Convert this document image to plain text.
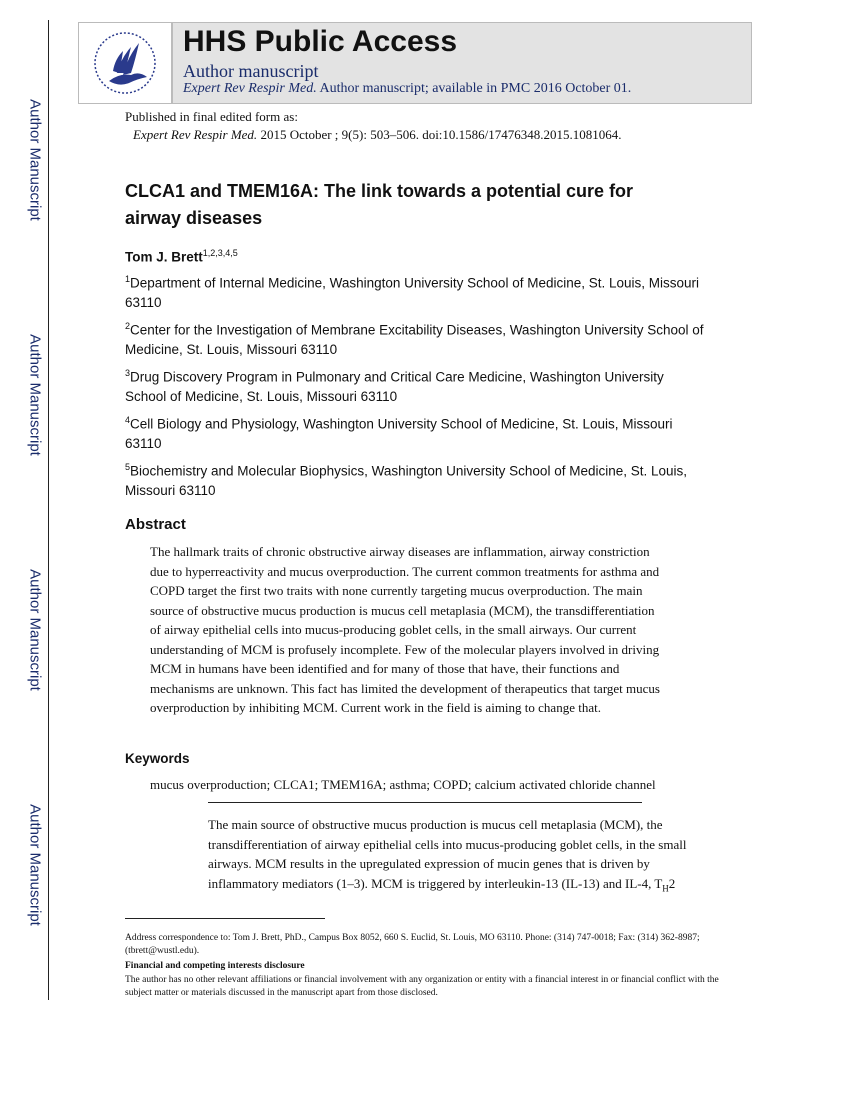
Author Manuscript
Author Manuscript
Author Manuscript
Author Manuscript
HHS Public Access
Author manuscript
Expert Rev Respir Med. Author manuscript; available in PMC 2016 October 01.
Published in final edited form as:
Expert Rev Respir Med. 2015 October ; 9(5): 503–506. doi:10.1586/17476348.2015.1081064.
CLCA1 and TMEM16A: The link towards a potential cure for
airway diseases
Tom J. Brett$^{1,2,3,4,5}$
$^1$Department of Internal Medicine, Washington University School of Medicine, St. Louis, Missouri 63110
$^2$Center for the Investigation of Membrane Excitability Diseases, Washington University School of Medicine, St. Louis, Missouri 63110
$^3$Drug Discovery Program in Pulmonary and Critical Care Medicine, Washington University School of Medicine, St. Louis, Missouri 63110
$^4$Cell Biology and Physiology, Washington University School of Medicine, St. Louis, Missouri 63110
$^5$Biochemistry and Molecular Biophysics, Washington University School of Medicine, St. Louis, Missouri 63110
Abstract
The hallmark traits of chronic obstructive airway diseases are inflammation, airway constriction
due to hyperreactivity and mucus overproduction. The current common treatments for asthma and
COPD target the first two traits with none currently targeting mucus overproduction. The main
source of obstructive mucus production is mucus cell metaplasia (MCM), the transdifferentiation
of airway epithelial cells into mucus-producing goblet cells, in the small airways. Our current
understanding of MCM is profusely incomplete. Few of the molecular players involved in driving
MCM in humans have been identified and for many of those that have, their functions and
mechanisms are unknown. This fact has limited the development of therapeutics that target mucus
overproduction by inhibiting MCM. Current work in the field is aiming to change that.
Keywords
mucus overproduction; CLCA1; TMEM16A; asthma; COPD; calcium activated chloride channel
The main source of obstructive mucus production is mucus cell metaplasia (MCM), the
transdifferentiation of airway epithelial cells into mucus-producing goblet cells, in the small
airways. MCM results in the upregulated expression of mucin genes that is driven by
inflammatory mediators (1–3). MCM is triggered by interleukin-13 (IL-13) and IL-4, $T_H2$
Address correspondence to: Tom J. Brett, PhD., Campus Box 8052, 660 S. Euclid, St. Louis, MO 63110. Phone: (314) 747-0018; Fax: (314) 362-8987; (tbrett@wustl.edu).
Financial and competing interests disclosure
The author has no other relevant affiliations or financial involvement with any organization or entity with a financial interest in or financial conflict with the subject matter or materials discussed in the manuscript apart from those disclosed.
